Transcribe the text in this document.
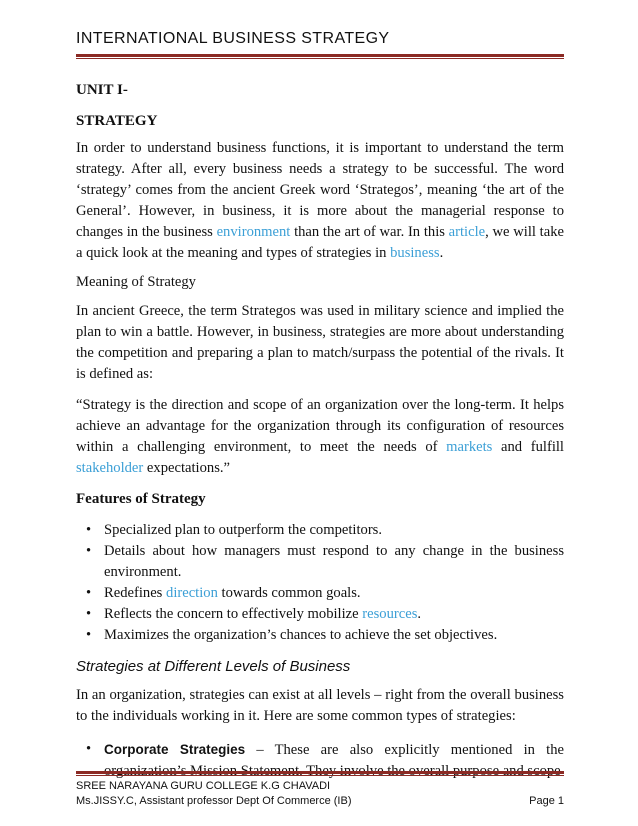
INTERNATIONAL BUSINESS STRATEGY
UNIT I-
STRATEGY

In order to understand business functions, it is important to understand the term strategy. After all, every business needs a strategy to be successful. The word ‘strategy’ comes from the ancient Greek word ‘Strategos’, meaning ‘the art of the General’. However, in business, it is more about the managerial response to changes in the business environment than the art of war. In this article, we will take a quick look at the meaning and types of strategies in business.

Meaning of Strategy

In ancient Greece, the term Strategos was used in military science and implied the plan to win a battle. However, in business, strategies are more about understanding the competition and preparing a plan to match/surpass the potential of the rivals. It is defined as:

“Strategy is the direction and scope of an organization over the long-term. It helps achieve an advantage for the organization through its configuration of resources within a challenging environment, to meet the needs of markets and fulfill stakeholder expectations.”

Features of Strategy
• Specialized plan to outperform the competitors.
• Details about how managers must respond to any change in the business environment.
• Redefines direction towards common goals.
• Reflects the concern to effectively mobilize resources.
• Maximizes the organization’s chances to achieve the set objectives.
Strategies at Different Levels of Business

In an organization, strategies can exist at all levels – right from the overall business to the individuals working in it. Here are some common types of strategies:

• Corporate Strategies – These are also explicitly mentioned in the
SREE NARAYANA GURU COLLEGE K.G CHAVADI
Ms.JISSY.C, Assistant professor Dept Of Commerce (IB)	Page 1
